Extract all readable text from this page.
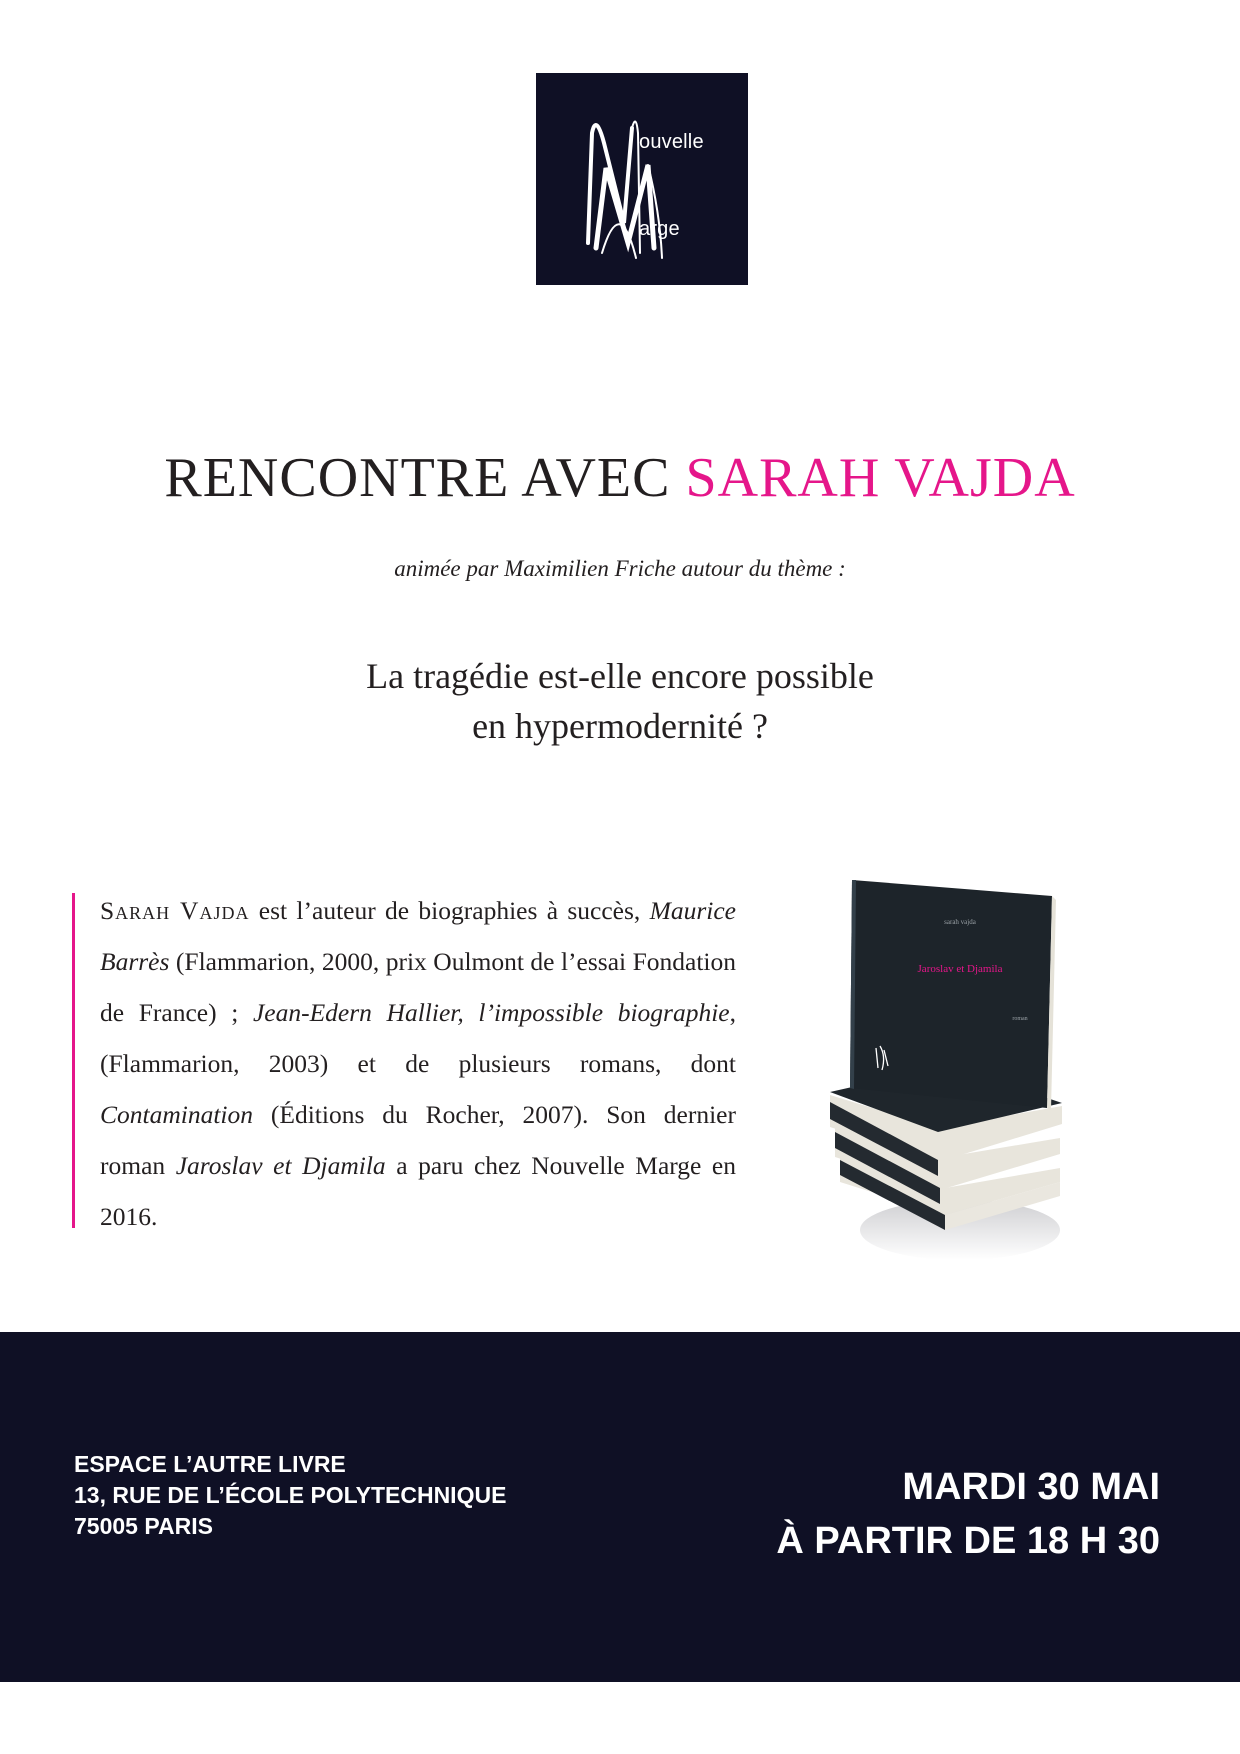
ouvelle
arge
RENCONTRE AVEC SARAH VAJDA
animée par Maximilien Friche autour du thème :
La tragédie est-elle encore possible
en hypermodernité ?
Sarah Vajda est l’auteur de biographies à succès, Maurice Barrès (Flammarion, 2000, prix Oulmont de l’essai Fondation de France) ; Jean-Edern Hallier, l’impossible biographie, (Flammarion, 2003) et de plusieurs romans, dont Contamination (Éditions du Rocher, 2007). Son dernier roman Jaroslav et Djamila a paru chez Nouvelle Marge en 2016.
sarah vajda
Jaroslav et Djamila
roman
ESPACE L’AUTRE LIVRE
13, RUE DE L’ÉCOLE POLYTECHNIQUE
75005 PARIS
MARDI 30 MAI
À PARTIR DE 18 H 30
